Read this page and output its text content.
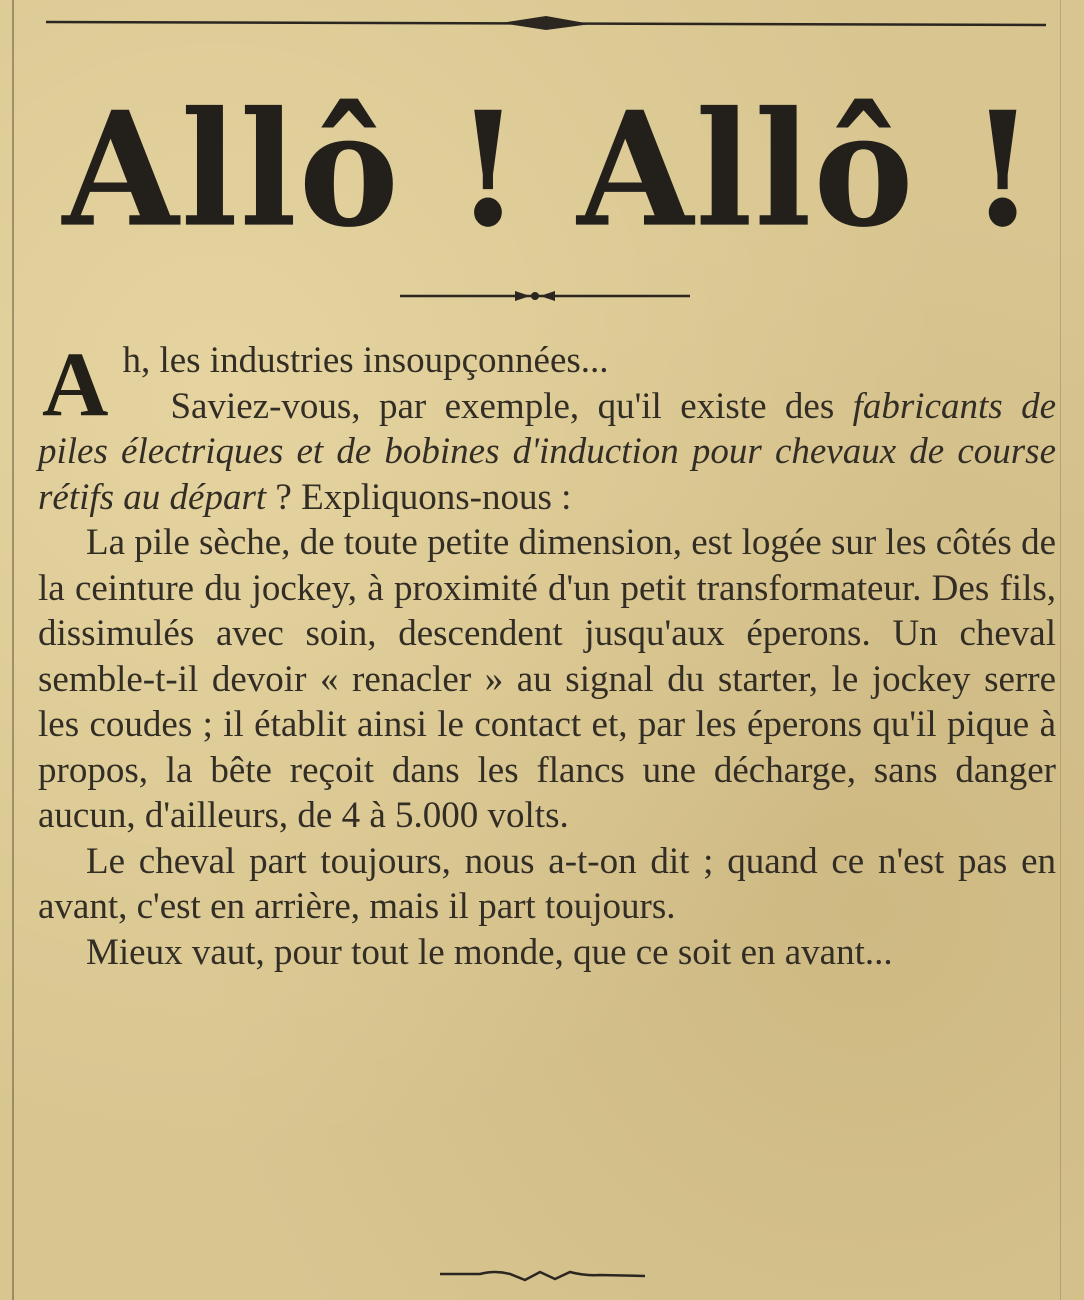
Allô ! Allô !
A h, les industries insoupçonnées...

Saviez-vous, par exemple, qu'il existe des fabricants de piles électriques et de bobines d'induction pour chevaux de course rétifs au départ ? Expliquons-nous :

La pile sèche, de toute petite dimension, est logée sur les côtés de la ceinture du jockey, à proximité d'un petit transformateur. Des fils, dissimulés avec soin, descendent jusqu'aux éperons. Un cheval semble-t-il devoir « renacler » au signal du starter, le jockey serre les coudes ; il établit ainsi le contact et, par les éperons qu'il pique à propos, la bête reçoit dans les flancs une décharge, sans danger aucun, d'ailleurs, de 4 à 5.000 volts.

Le cheval part toujours, nous a-t-on dit ; quand ce n'est pas en avant, c'est en arrière, mais il part toujours.

Mieux vaut, pour tout le monde, que ce soit en avant...
